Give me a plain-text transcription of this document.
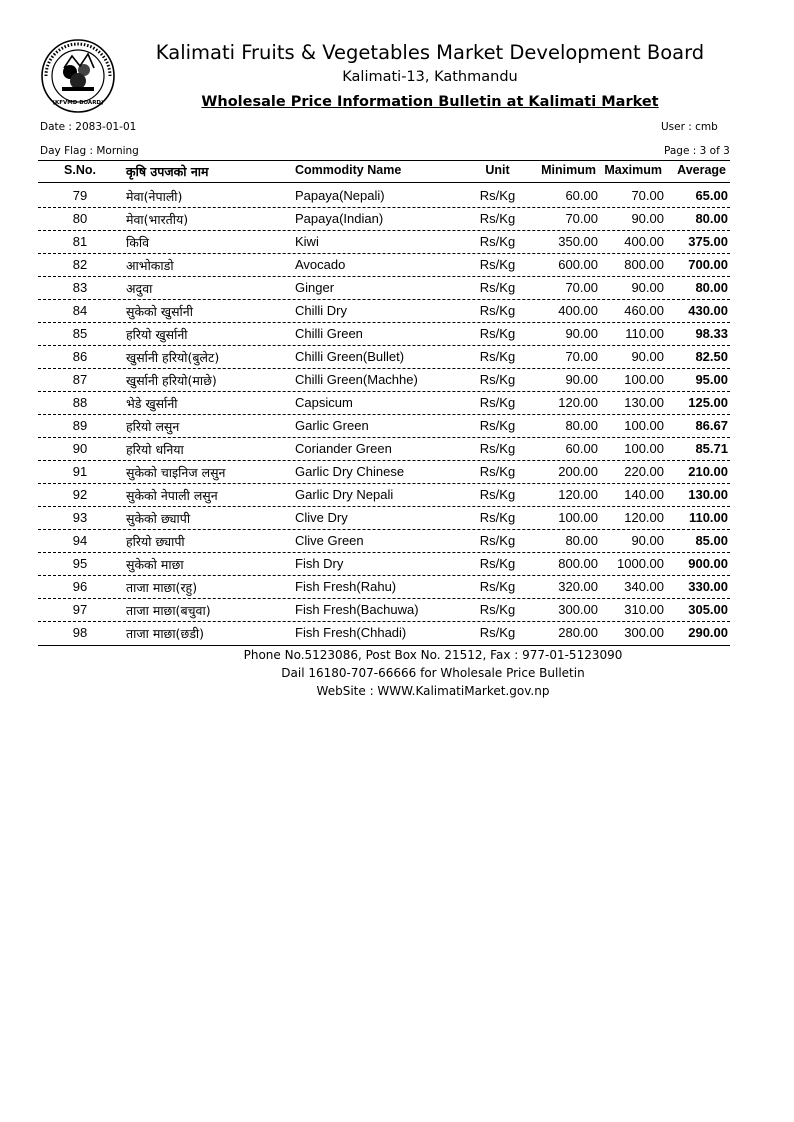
(KFVMD BOARD)
Kalimati Fruits & Vegetables Market Development Board
Kalimati-13, Kathmandu
Wholesale Price Information Bulletin at Kalimati Market
Date : 2083-01-01	User : cmb
Day Flag : Morning	Page : 3 of 3
S.No.	कृषि उपजको नाम	Commodity Name	Unit	Minimum Maximum	Average
79	मेवा(नेपाली)	Papaya(Nepali)	Rs/Kg	60.00	70.00	65.00
80	मेवा(भारतीय)	Papaya(Indian)	Rs/Kg	70.00	90.00	80.00
81	किवि	Kiwi	Rs/Kg	350.00	400.00	375.00
82	आभोकाडो	Avocado	Rs/Kg	600.00	800.00	700.00
83	अदुवा	Ginger	Rs/Kg	70.00	90.00	80.00
84	सुकेको खुर्सानी	Chilli Dry	Rs/Kg	400.00	460.00	430.00
85	हरियो खुर्सानी	Chilli Green	Rs/Kg	90.00	110.00	98.33
86	खुर्सानी हरियो(बुलेट)	Chilli Green(Bullet)	Rs/Kg	70.00	90.00	82.50
87	खुर्सानी हरियो(माछे)	Chilli Green(Machhe)	Rs/Kg	90.00	100.00	95.00
88	भेडे खुर्सानी	Capsicum	Rs/Kg	120.00	130.00	125.00
89	हरियो लसुन	Garlic Green	Rs/Kg	80.00	100.00	86.67
90	हरियो धनिया	Coriander Green	Rs/Kg	60.00	100.00	85.71
91	सुकेको चाइनिज लसुन	Garlic Dry Chinese	Rs/Kg	200.00	220.00	210.00
92	सुकेको नेपाली लसुन	Garlic Dry Nepali	Rs/Kg	120.00	140.00	130.00
93	सुकेको छ्यापी	Clive Dry	Rs/Kg	100.00	120.00	110.00
94	हरियो छ्यापी	Clive Green	Rs/Kg	80.00	90.00	85.00
95	सुकेको माछा	Fish Dry	Rs/Kg	800.00	1000.00	900.00
96	ताजा माछा(रहु)	Fish Fresh(Rahu)	Rs/Kg	320.00	340.00	330.00
97	ताजा माछा(बचुवा)	Fish Fresh(Bachuwa)	Rs/Kg	300.00	310.00	305.00
98	ताजा माछा(छडी)	Fish Fresh(Chhadi)	Rs/Kg	280.00	300.00	290.00
Phone No.5123086, Post Box No. 21512, Fax : 977-01-5123090
Dail 16180-707-66666 for Wholesale Price Bulletin
WebSite : WWW.KalimatiMarket.gov.np
